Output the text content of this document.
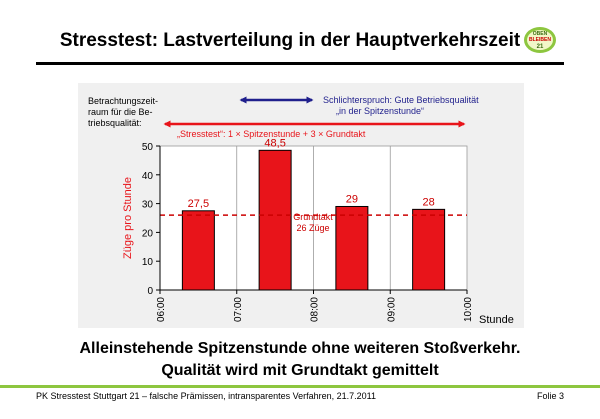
Stresstest: Lastverteilung in der Hauptverkehrszeit	OBEN
BLEIBEN
21
Betrachtungszeit-
raum für die Be-
triebsqualität:
Schlichterspruch: Gute Betriebsqualität
„in der Spitzenstunde“
„Stresstest“: 1 × Spitzenstunde + 3 × Grundtakt
0
10
20
30
40
50
06:00	07:00	08:00	09:00	10:00
27,5
48,5
29	28
Züge pro Stunde
Stunde
Grundtakt
26 Züge
Alleinstehende Spitzenstunde ohne weiteren Stoßverkehr.
Qualität wird mit Grundtakt gemittelt
PK Stresstest Stuttgart 21 – falsche Prämissen, intransparentes Verfahren, 21.7.2011	Folie 3
